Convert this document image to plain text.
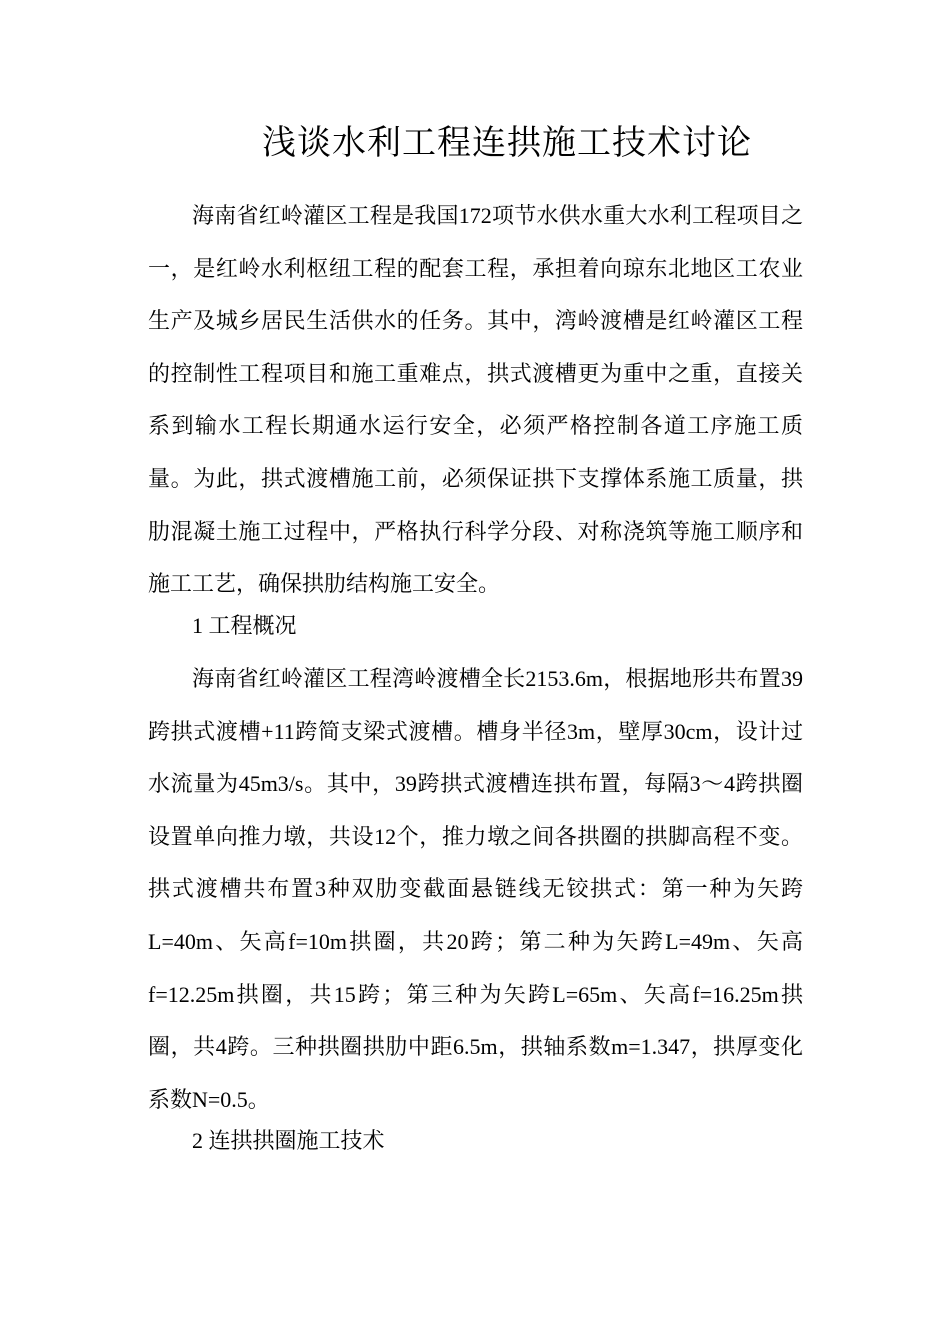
浅谈水利工程连拱施工技术讨论

海南省红岭灌区工程是我国172项节水供水重大水利工程项目之一，是红岭水利枢纽工程的配套工程，承担着向琼东北地区工农业生产及城乡居民生活供水的任务。其中，湾岭渡槽是红岭灌区工程的控制性工程项目和施工重难点，拱式渡槽更为重中之重，直接关系到输水工程长期通水运行安全，必须严格控制各道工序施工质量。为此，拱式渡槽施工前，必须保证拱下支撑体系施工质量，拱肋混凝土施工过程中，严格执行科学分段、对称浇筑等施工顺序和施工工艺，确保拱肋结构施工安全。

1 工程概况

海南省红岭灌区工程湾岭渡槽全长2153.6m，根据地形共布置39跨拱式渡槽+11跨简支梁式渡槽。槽身半径3m，壁厚30cm，设计过水流量为45m3/s。其中，39跨拱式渡槽连拱布置，每隔3～4跨拱圈设置单向推力墩，共设12个，推力墩之间各拱圈的拱脚高程不变。拱式渡槽共布置3种双肋变截面悬链线无铰拱式：第一种为矢跨L=40m、矢高f=10m拱圈，共20跨；第二种为矢跨L=49m、矢高f=12.25m拱圈，共15跨；第三种为矢跨L=65m、矢高f=16.25m拱圈，共4跨。三种拱圈拱肋中距6.5m，拱轴系数m=1.347，拱厚变化系数N=0.5。

2 连拱拱圈施工技术
